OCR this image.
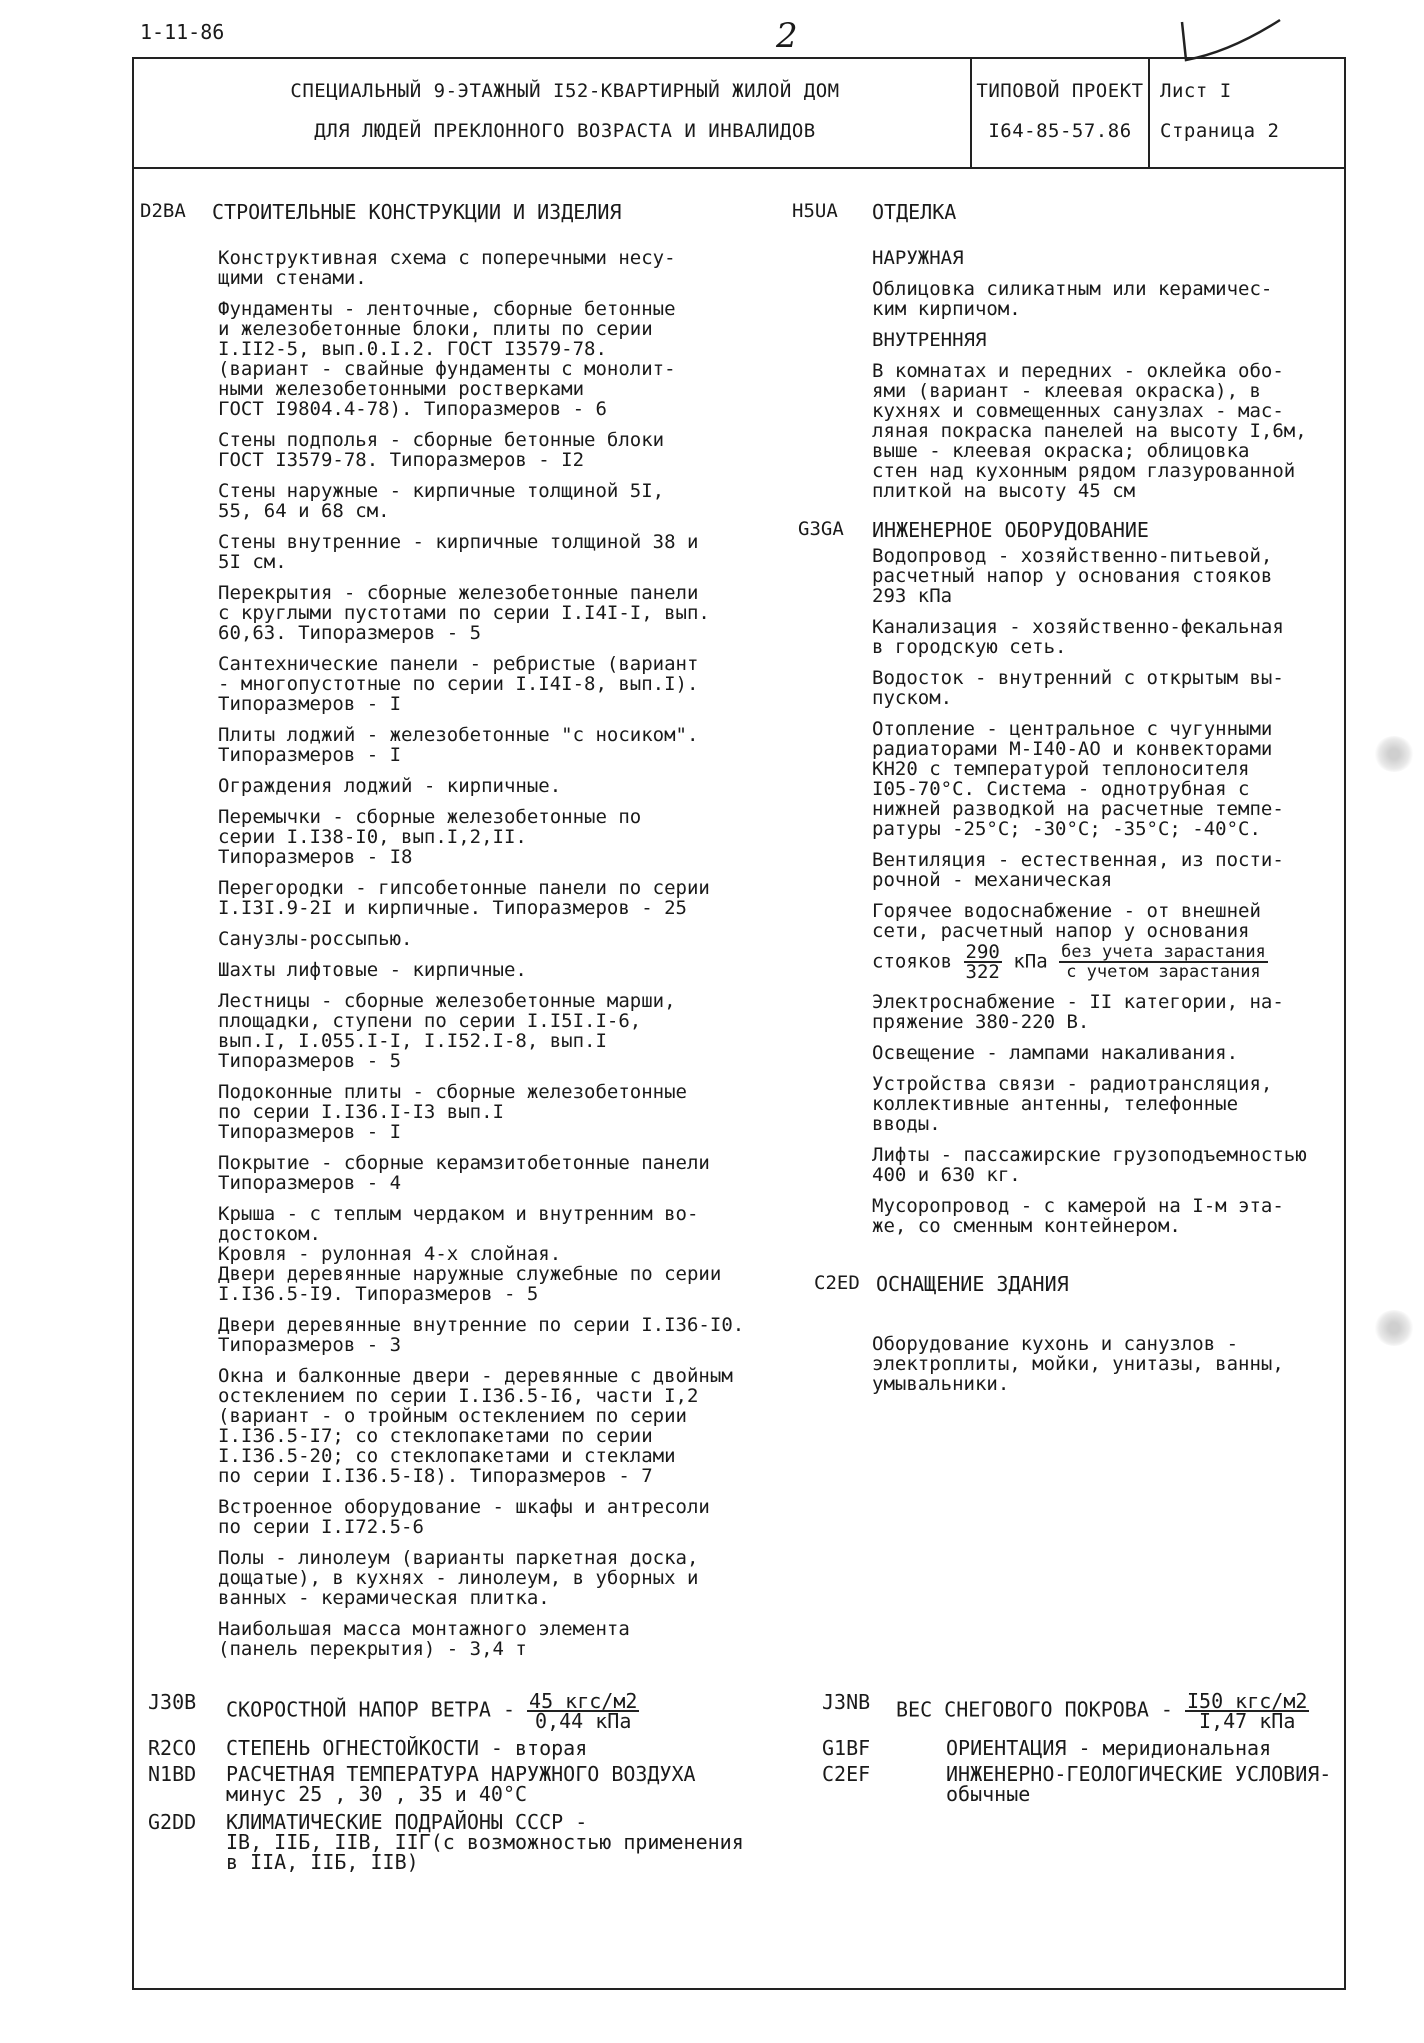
1-11-86	2
СПЕЦИАЛЬНЫЙ 9-ЭТАЖНЫЙ I52-КВАРТИРНЫЙ ЖИЛОЙ ДОМ
ДЛЯ ЛЮДЕЙ ПРЕКЛОННОГО ВОЗРАСТА И ИНВАЛИДОВ
ТИПОВОЙ ПРОЕКТ
I64-85-57.86
Лист I
Страница 2
D2BA СТРОИТЕЛЬНЫЕ КОНСТРУКЦИИ И ИЗДЕЛИЯ

Конструктивная схема с поперечными несу-
щими стенами.

Фундаменты - ленточные, сборные бетонные
и железобетонные блоки, плиты по серии
I.II2-5, вып.0.I.2. ГОСТ I3579-78.
(вариант - свайные фундаменты с монолит-
ными железобетонными ростверками
ГОСТ I9804.4-78). Типоразмеров - 6

Стены подполья - сборные бетонные блоки
ГОСТ I3579-78. Типоразмеров - I2

Стены наружные - кирпичные толщиной 5I,
55, 64 и 68 см.

Стены внутренние - кирпичные толщиной 38 и
5I см.

Перекрытия - сборные железобетонные панели
с круглыми пустотами по серии I.I4I-I, вып.
60,63. Типоразмеров - 5

Сантехнические панели - ребристые (вариант
- многопустотные по серии I.I4I-8, вып.I).
Типоразмеров - I

Плиты лоджий - железобетонные "с носиком".
Типоразмеров - I

Ограждения лоджий - кирпичные.

Перемычки - сборные железобетонные по
серии I.I38-I0, вып.I,2,II.
Типоразмеров - I8

Перегородки - гипсобетонные панели по серии
I.I3I.9-2I и кирпичные. Типоразмеров - 25

Санузлы-россыпью.

Шахты лифтовые - кирпичные.

Лестницы - сборные железобетонные марши,
площадки, ступени по серии I.I5I.I-6,
вып.I, I.055.I-I, I.I52.I-8, вып.I
Типоразмеров - 5

Подоконные плиты - сборные железобетонные
по серии I.I36.I-I3 вып.I
Типоразмеров - I

Покрытие - сборные керамзитобетонные панели
Типоразмеров - 4

Крыша - с теплым чердаком и внутренним во-
достоком.
Кровля - рулонная 4-х слойная.
Двери деревянные наружные служебные по серии
I.I36.5-I9. Типоразмеров - 5

Двери деревянные внутренние по серии I.I36-I0.
Типоразмеров - 3

Окна и балконные двери - деревянные с двойным
остеклением по серии I.I36.5-I6, части I,2
(вариант - о тройным остеклением по серии
I.I36.5-I7; со стеклопакетами по серии
I.I36.5-20; со стеклопакетами и стеклами
по серии I.I36.5-I8). Типоразмеров - 7

Встроенное оборудование - шкафы и антресоли
по серии I.I72.5-6

Полы - линолеум (варианты паркетная доска,
дощатые), в кухнях - линолеум, в уборных и
ванных - керамическая плитка.

Наибольшая масса монтажного элемента
(панель перекрытия) - 3,4 т

H5UA ОТДЕЛКА

НАРУЖНАЯ

Облицовка силикатным или керамичес-
ким кирпичом.

ВНУТРЕННЯЯ

В комнатах и передних - оклейка обо-
ями (вариант - клеевая окраска), в
кухнях и совмещенных санузлах - мас-
ляная покраска панелей на высоту I,6м,
выше - клеевая окраска; облицовка
стен над кухонным рядом глазурованной
плиткой на высоту 45 см

G3GA ИНЖЕНЕРНОЕ ОБОРУДОВАНИЕ

Водопровод - хозяйственно-питьевой,
расчетный напор у основания стояков
293 кПа

Канализация - хозяйственно-фекальная
в городскую сеть.

Водосток - внутренний с открытым вы-
пуском.

Отопление - центральное с чугунными
радиаторами М-I40-АО и конвекторами
КН20 с температурой теплоносителя
I05-70°С. Система - однотрубная с
нижней разводкой на расчетные темпе-
ратуры -25°С; -30°С; -35°С; -40°С.

Вентиляция - естественная, из пости-
рочной - механическая

Горячее водоснабжение - от внешней
сети, расчетный напор у основания
стояков $\frac{290}{322}$ кПа $\frac{\text{без учета зарастания}}{\text{с учетом зарастания}}$

Электроснабжение - II категории, на-
пряжение 380-220 В.

Освещение - лампами накаливания.

Устройства связи - радиотрансляция,
коллективные антенны, телефонные
вводы.

Лифты - пассажирские грузоподъемностью
400 и 630 кг.

Мусоропровод - с камерой на I-м эта-
же, со сменным контейнером.

C2ED ОСНАЩЕНИЕ ЗДАНИЯ

Оборудование кухонь и санузлов -
электроплиты, мойки, унитазы, ванны,
умывальники.

J30B СКОРОСТНОЙ НАПОР ВЕТРА - $\frac{\text{45 кгс/м2}}{\text{0,44 кПа}}$	J3NB ВЕС СНЕГОВОГО ПОКРОВА - $\frac{\text{I50 кгс/м2}}{\text{I,47 кПа}}$
R2CO СТЕПЕНЬ ОГНЕСТОЙКОСТИ - вторая	G1BF	ОРИЕНТАЦИЯ - меридиональная
N1BD РАСЧЕТНАЯ ТЕМПЕРАТУРА НАРУЖНОГО ВОЗДУХА
минус 25 , 30 , 35 и 40°С
C2EF	ИНЖЕНЕРНО-ГЕОЛОГИЧЕСКИЕ УСЛОВИЯ-
обычные
G2DD КЛИМАТИЧЕСКИЕ ПОДРАЙОНЫ СССР -
IВ, IIБ, IIВ, IIГ(с возможностью применения
в IIА, IIБ, IIВ)
